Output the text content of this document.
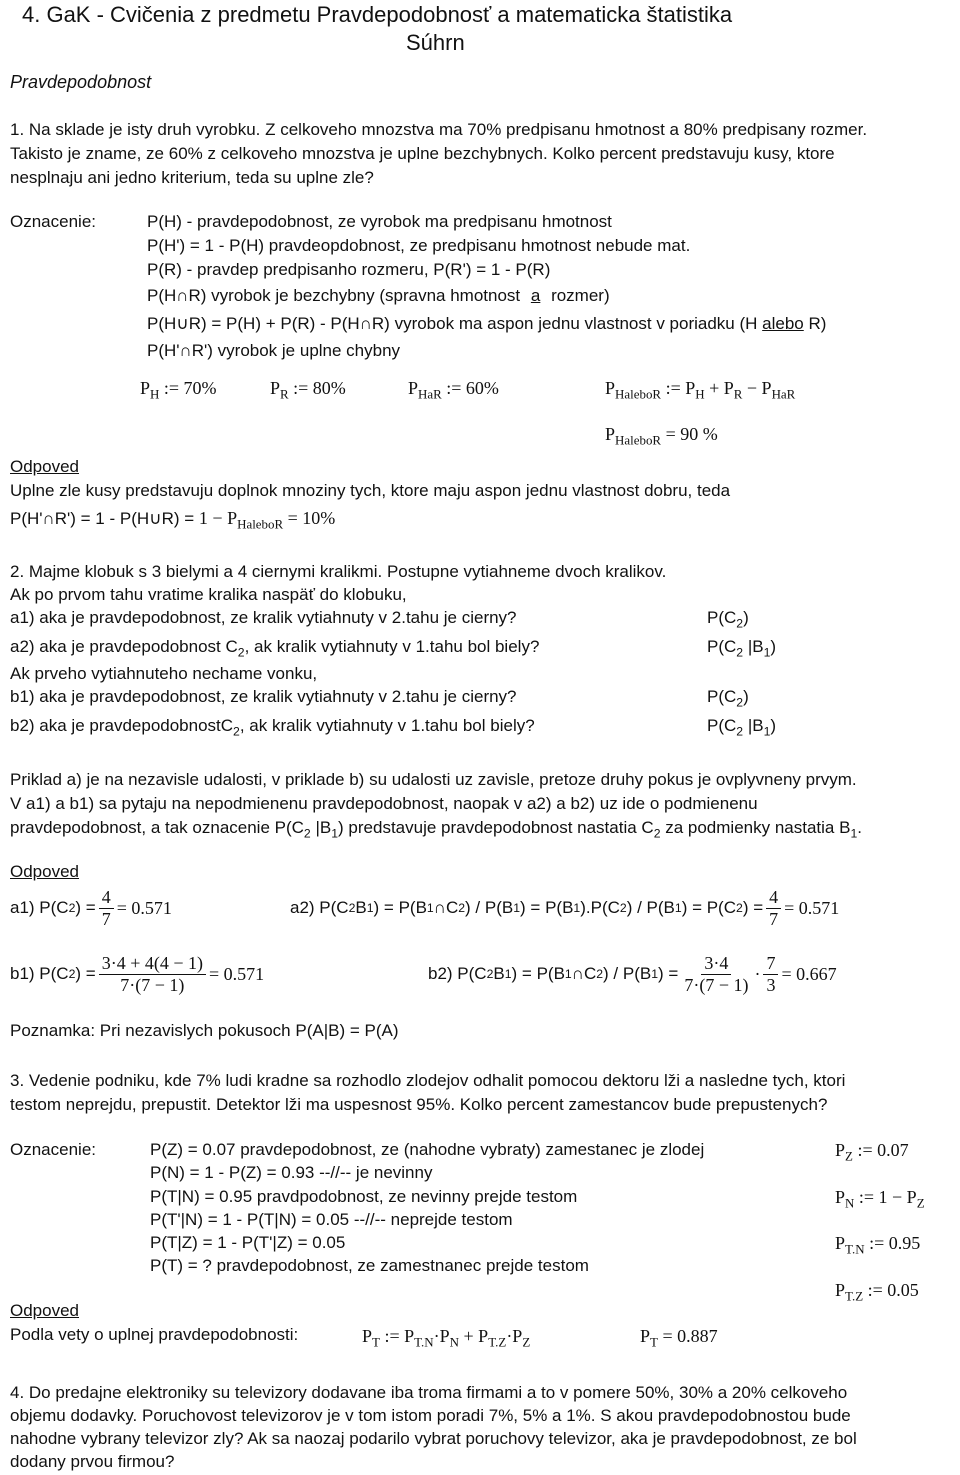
4. GaK - Cvičenia z predmetu Pravdepodobnosť a matematicka štatistika
Súhrn
Pravdepodobnost
1. Na sklade je isty druh vyrobku. Z celkoveho mnozstva ma 70% predpisanu hmotnost a 80% predpisany rozmer.
Takisto je zname, ze 60% z celkoveho mnozstva je uplne bezchybnych. Kolko percent predstavuju kusy, ktore
nesplnaju ani jedno kriterium, teda su uplne zle?
Oznacenie:	P(H) - pravdepodobnost, ze vyrobok ma predpisanu hmotnost
P(H') = 1 - P(H) pravdeopdobnost, ze predpisanu hmotnost nebude mat.
P(R) - pravdep predpisanho rozmeru, P(R') = 1 - P(R)
P(H∩R) vyrobok je bezchybny (spravna hmotnost a rozmer)
P(H∪R) = P(H) + P(R) - P(H∩R) vyrobok ma aspon jednu vlastnost v poriadku (H alebo R)
P(H'∩R') vyrobok je uplne chybny
$P_H$ := 70%	$P_R$ := 80%	$P_{HaR}$ := 60%	$P_{HaleboR}$ := $P_H + P_R - P_{HaR}$
$P_{HaleboR} = 90$ %
Odpoved
Uplne zle kusy predstavuju doplnok mnoziny tych, ktore maju aspon jednu vlastnost dobru, teda
P(H'∩R') = 1 - P(H∪R) = $1 - P_{HaleboR} = 10\%$
2. Majme klobuk s 3 bielymi a 4 ciernymi kralikmi. Postupne vytiahneme dvoch kralikov.
Ak po prvom tahu vratime kralika naspäť do klobuku,
a1) aka je pravdepodobnost, ze kralik vytiahnuty v 2.tahu je cierny?	$P(C_2)$
a2) aka je pravdepodobnost $C_2$, ak kralik vytiahnuty v 1.tahu bol biely?	$P(C_2$ $|B_1$)
Ak prveho vytiahnuteho nechame vonku,
b1) aka je pravdepodobnost, ze kralik vytiahnuty v 2.tahu je cierny?	$P(C_2)$
b2) aka je pravdepodobnostC$_2$, ak kralik vytiahnuty v 1.tahu bol biely?	$P(C_2$ $|B_1$)
Priklad a) je na nezavisle udalosti, v priklade b) su udalosti uz zavisle, pretoze druhy pokus je ovplyvneny prvym.
V a1) a b1) sa pytaju na nepodmienenu pravdepodobnost, naopak v a2) a b2) uz ide o podmienenu
pravdepodobnost, a tak oznacenie $P(C_2$ $|B_1$) predstavuje pravdepodobnost nastatia $C_2$ za podmienky nastatia $B_1$.
Odpoved
a1) P(C 2 ) = $\frac{4}{7} = 0.571$	a2) P(C 2 B 1 ) = P(B 1 ∩ C 2 ) / P(B 1 ) = P(B 1 ).P(C 2 ) / P(B 1 ) = P(C 2 ) = $\frac{4}{7} = 0.571$
b1) P(C 2 ) = $\frac{3\cdot 4 + 4(4 - 1)}{7\cdot(7 - 1)} = 0.571$	b2) P(C 2 B 1 ) = P(B 1 ∩ C 2 ) / P(B 1 ) = $\frac{3\cdot 4}{7\cdot(7 - 1)} \cdot \frac{7}{3} = 0.667$
Poznamka: Pri nezavislych pokusoch P(A|B) = P(A)
3. Vedenie podniku, kde 7% ludi kradne sa rozhodlo zlodejov odhalit pomocou dektoru lži a nasledne tych, ktori
testom neprejdu, prepustit. Detektor lži ma uspesnost 95%. Kolko percent zamestancov bude prepustenych?
Oznacenie:	P(Z) = 0.07 pravdepodobnost, ze (nahodne vybraty) zamestanec je zlodej
P(N) = 1 - P(Z) = 0.93 --//-- je nevinny
P(T|N) = 0.95 pravdpodobnost, ze nevinny prejde testom
P(T'|N) = 1 - P(T|N) = 0.05 --//-- neprejde testom
P(T|Z) = 1 - P(T'|Z) = 0.05
P(T) = ? pravdepodobnost, ze zamestnanec prejde testom
$P_Z$ := 0.07
$P_N$ := $1 - P_Z$
$P_{T.N}$ := 0.95
$P_{T.Z}$ := 0.05
Odpoved
Podla vety o uplnej pravdepodobnosti:	$P_T$ := $P_{T.N}\cdot P_N + P_{T.Z}\cdot P_Z$	$P_T = 0.887$
4. Do predajne elektroniky su televizory dodavane iba troma firmami a to v pomere 50%, 30% a 20% celkoveho
objemu dodavky. Poruchovost televizorov je v tom istom poradi 7%, 5% a 1%. S akou pravdepodobnostou bude
nahodne vybrany televizor zly? Ak sa naozaj podarilo vybrat poruchovy televizor, aka je pravdepodobnost, ze bol
dodany prvou firmou?
